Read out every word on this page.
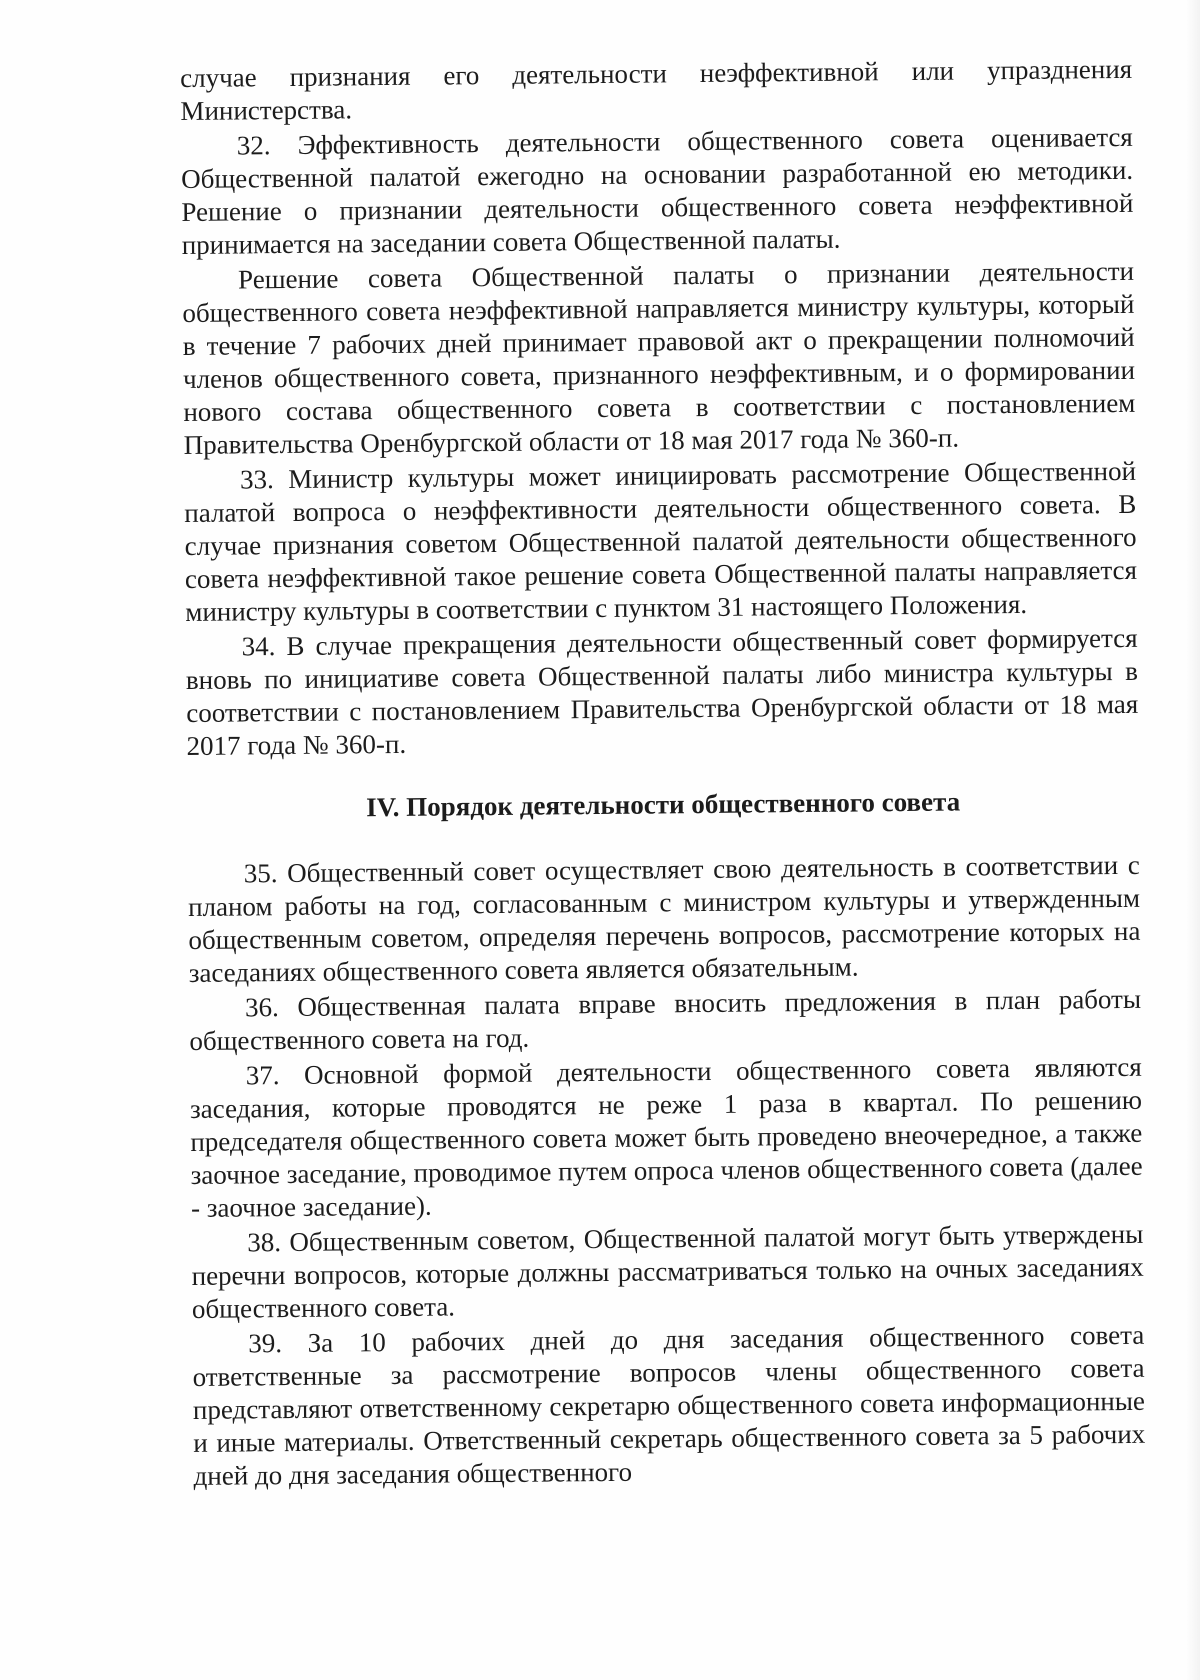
случае признания его деятельности неэффективной или упразднения Министерства.

32. Эффективность деятельности общественного совета оценивается Общественной палатой ежегодно на основании разработанной ею методики. Решение о признании деятельности общественного совета неэффективной принимается на заседании совета Общественной палаты.

Решение совета Общественной палаты о признании деятельности общественного совета неэффективной направляется министру культуры, который в течение 7 рабочих дней принимает правовой акт о прекращении полномочий членов общественного совета, признанного неэффективным, и о формировании нового состава общественного совета в соответствии с постановлением Правительства Оренбургской области от 18 мая 2017 года № 360-п.

33. Министр культуры может инициировать рассмотрение Общественной палатой вопроса о неэффективности деятельности общественного совета. В случае признания советом Общественной палатой деятельности общественного совета неэффективной такое решение совета Общественной палаты направляется министру культуры в соответствии с пунктом 31 настоящего Положения.

34. В случае прекращения деятельности общественный совет формируется вновь по инициативе совета Общественной палаты либо министра культуры в соответствии с постановлением Правительства Оренбургской области от 18 мая 2017 года № 360-п.

IV. Порядок деятельности общественного совета

35. Общественный совет осуществляет свою деятельность в соответствии с планом работы на год, согласованным с министром культуры и утвержденным общественным советом, определяя перечень вопросов, рассмотрение которых на заседаниях общественного совета является обязательным.

36. Общественная палата вправе вносить предложения в план работы общественного совета на год.

37. Основной формой деятельности общественного совета являются заседания, которые проводятся не реже 1 раза в квартал. По решению председателя общественного совета может быть проведено внеочередное, а также заочное заседание, проводимое путем опроса членов общественного совета (далее - заочное заседание).

38. Общественным советом, Общественной палатой могут быть утверждены перечни вопросов, которые должны рассматриваться только на очных заседаниях общественного совета.

39. За 10 рабочих дней до дня заседания общественного совета ответственные за рассмотрение вопросов члены общественного совета представляют ответственному секретарю общественного совета информационные и иные материалы. Ответственный секретарь общественного совета за 5 рабочих дней до дня заседания общественного
